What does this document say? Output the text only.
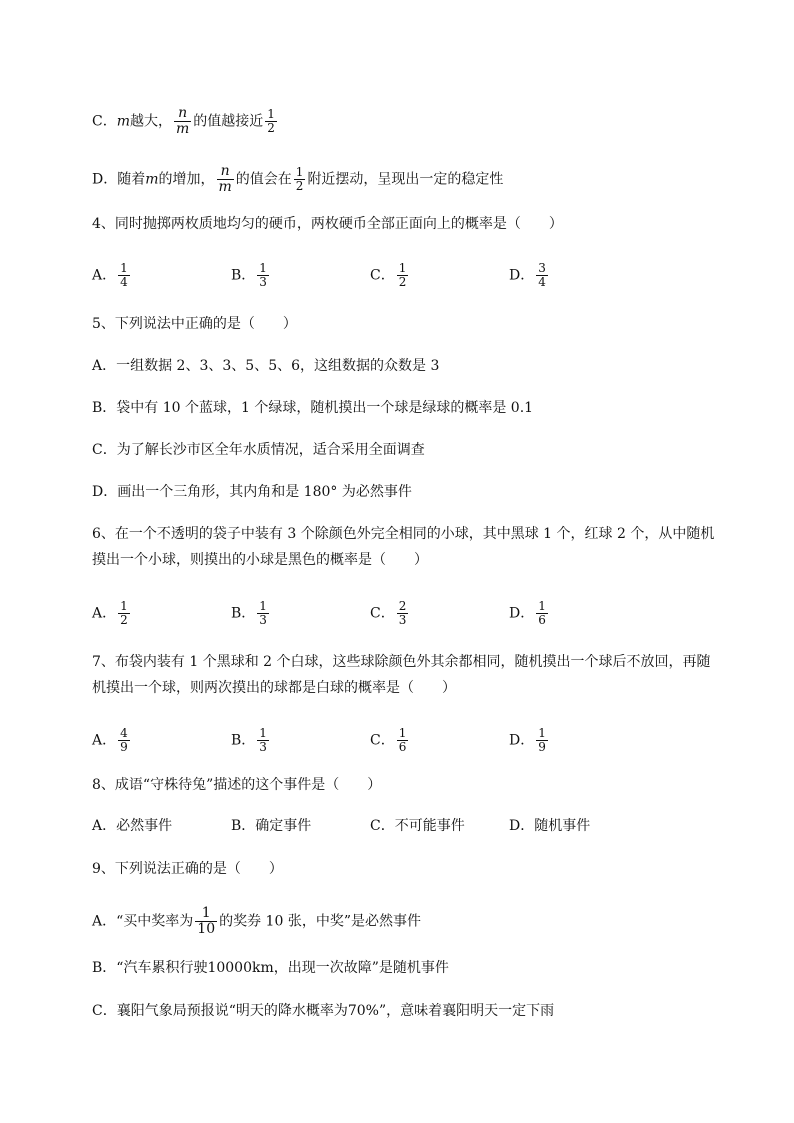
C．m越大， $\frac{n}{m}$ 的值越接近 $\frac{1}{2}$
D．随着m的增加， $\frac{n}{m}$ 的值会在 $\frac{1}{2}$ 附近摆动，呈现出一定的稳定性
4、同时抛掷两枚质地均匀的硬币，两枚硬币全部正面向上的概率是（　　）
A． $\frac{1}{4}$	B． $\frac{1}{3}$	C． $\frac{1}{2}$	D． $\frac{3}{4}$
5、下列说法中正确的是（　　）
A．一组数据 2、3、3、5、5、6，这组数据的众数是 3
B．袋中有 10 个蓝球，1 个绿球，随机摸出一个球是绿球的概率是 0.1
C．为了解长沙市区全年水质情况，适合采用全面调查
D．画出一个三角形，其内角和是 180° 为必然事件
6、在一个不透明的袋子中装有 3 个除颜色外完全相同的小球，其中黑球 1 个，红球 2 个，从中随机
摸出一个小球，则摸出的小球是黑色的概率是（　　）
A． $\frac{1}{2}$	B． $\frac{1}{3}$	C． $\frac{2}{3}$	D． $\frac{1}{6}$
7、布袋内装有 1 个黑球和 2 个白球，这些球除颜色外其余都相同，随机摸出一个球后不放回，再随
机摸出一个球，则两次摸出的球都是白球的概率是（　　）
A． $\frac{4}{9}$	B． $\frac{1}{3}$	C． $\frac{1}{6}$	D． $\frac{1}{9}$
8、成语“守株待兔”描述的这个事件是（　　）
A．必然事件	B．确定事件	C．不可能事件	D．随机事件
9、下列说法正确的是（　　）
A．“买中奖率为 $\frac{1}{10}$ 的奖券 10 张，中奖”是必然事件
B．“汽车累积行驶10000km，出现一次故障”是随机事件
C．襄阳气象局预报说“明天的降水概率为70%”，意味着襄阳明天一定下雨
